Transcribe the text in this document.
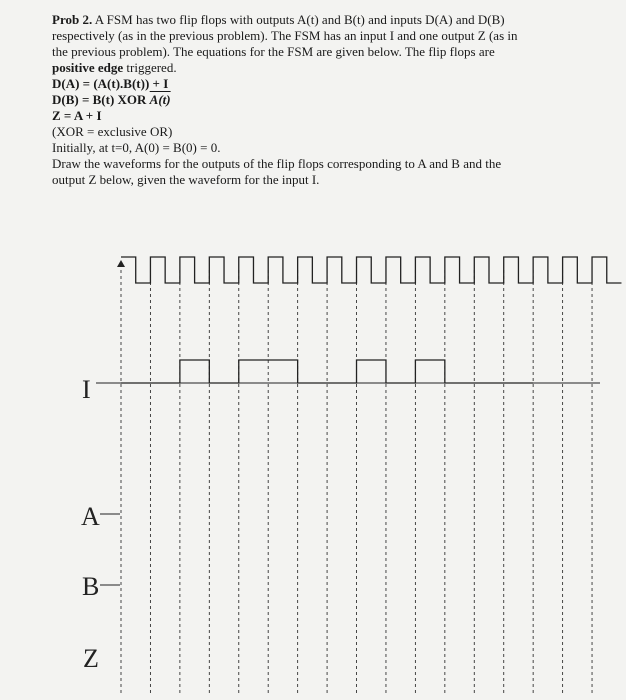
Prob 2. A FSM has two flip flops with outputs A(t) and B(t) and inputs D(A) and D(B)
respectively (as in the previous problem). The FSM has an input I and one output Z (as in
the previous problem). The equations for the FSM are given below. The flip flops are
positive edge triggered.
D(A) = (A(t).B(t)) + I
D(B) = B(t) XOR A(t)
Z = A + I
(XOR = exclusive OR)
Initially, at t=0, A(0) = B(0) = 0.
Draw the waveforms for the outputs of the flip flops corresponding to A and B and the
output Z below, given the waveform for the input I.
I
A
B
Z
